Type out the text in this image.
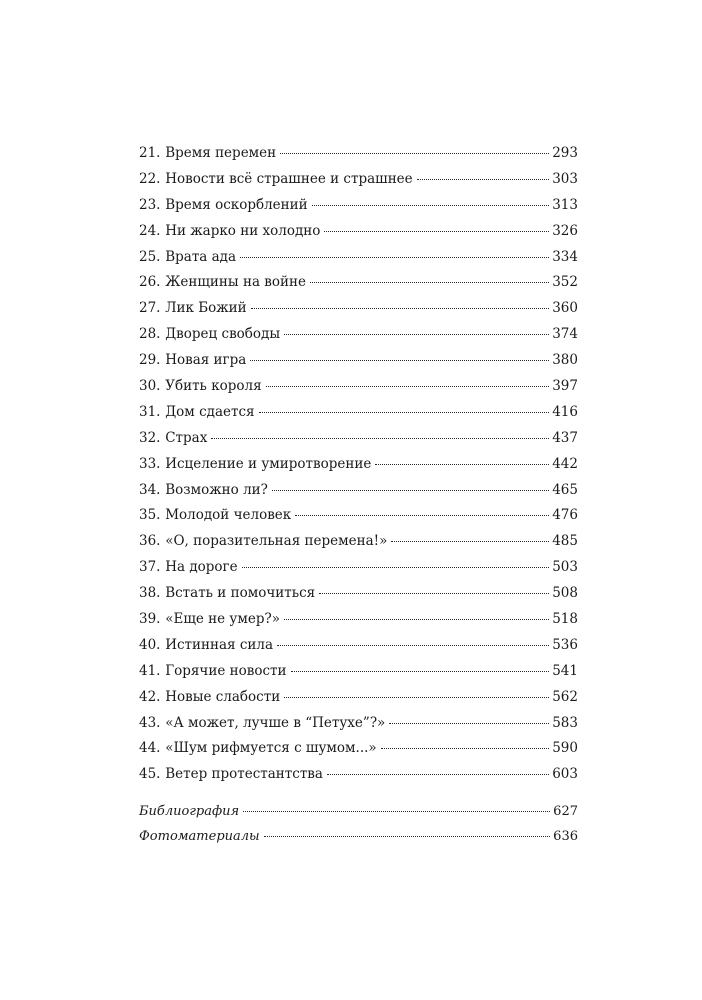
21. Время перемен	293
22. Новости всё страшнее и страшнее	303
23. Время оскорблений	313
24. Ни жарко ни холодно	326
25. Врата ада	334
26. Женщины на войне	352
27. Лик Божий	360
28. Дворец свободы	374
29. Новая игра	380
30. Убить короля	397
31. Дом сдается	416
32. Страх	437
33. Исцеление и умиротворение	442
34. Возможно ли?	465
35. Молодой человек	476
36. «О, поразительная перемена!»	485
37. На дороге	503
38. Встать и помочиться	508
39. «Еще не умер?»	518
40. Истинная сила	536
41. Горячие новости	541
42. Новые слабости	562
43. «А может, лучше в “Петухе”?»	583
44. «Шум рифмуется с шумом...»	590
45. Ветер протестантства	603
Библиография	627
Фотоматериалы	636
